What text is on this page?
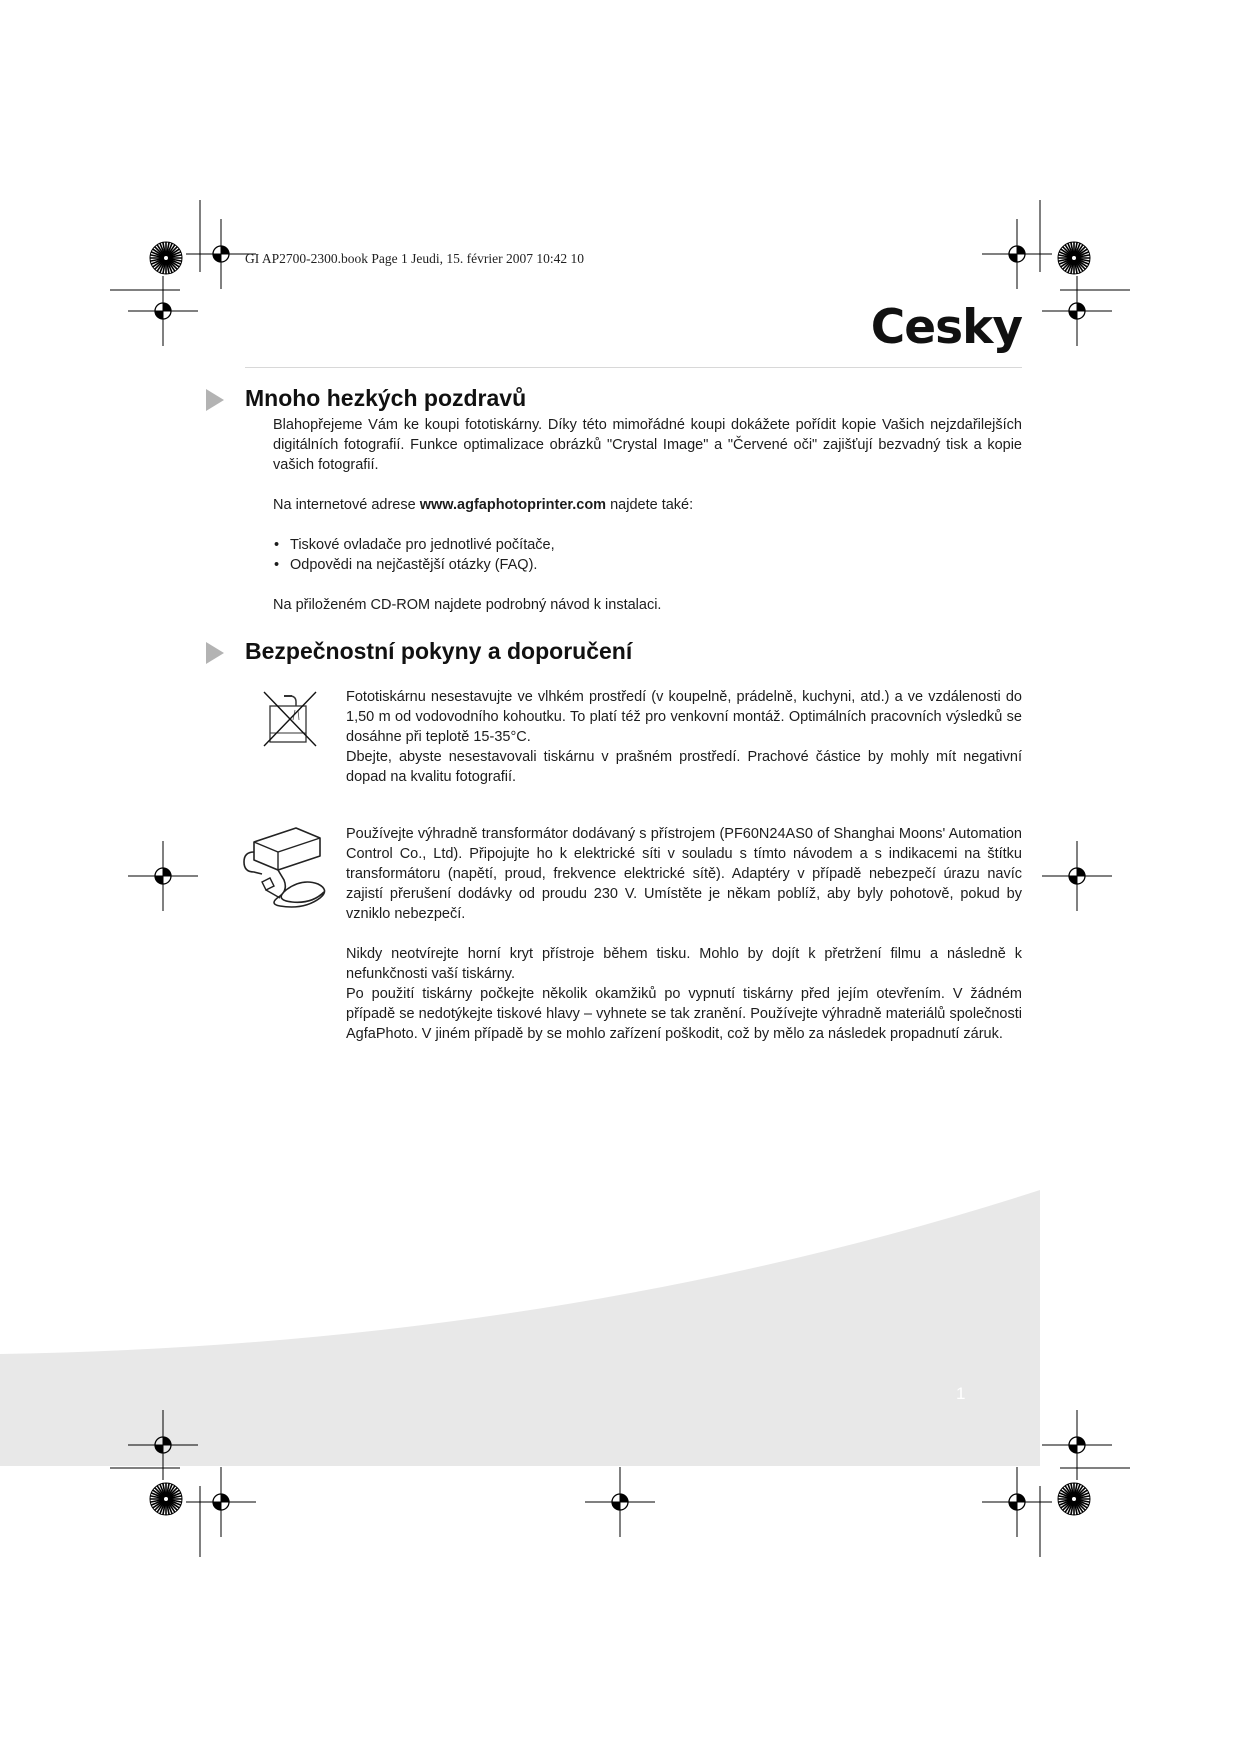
GI AP2700-2300.book Page 1 Jeudi, 15. février 2007 10:42 10
Cesky
Mnoho hezkých pozdravů

Blahopřejeme Vám ke koupi fototiskárny. Díky této mimořádné koupi dokážete pořídit kopie Vašich nejzdařilejších digitálních fotografií. Funkce optimalizace obrázků "Crystal Image" a "Červené oči" zajišťují bezvadný tisk a kopie vašich fotografií.

Na internetové adrese www.agfaphotoprinter.com najdete také:

• Tiskové ovladače pro jednotlivé počítače,
• Odpovědi na nejčastější otázky (FAQ).

Na přiloženém CD-ROM najdete podrobný návod k instalaci.

Bezpečnostní pokyny a doporučení

Fototiskárnu nesestavujte ve vlhkém prostředí (v koupelně, prádelně, kuchyni, atd.) a ve vzdálenosti do 1,50 m od vodovodního kohoutku. To platí též pro venkovní montáž. Optimálních pracovních výsledků se dosáhne při teplotě 15-35°C.

Dbejte, abyste nesestavovali tiskárnu v prašném prostředí. Prachové částice by mohly mít negativní dopad na kvalitu fotografií.

Používejte výhradně transformátor dodávaný s přístrojem (PF60N24AS0 of Shanghai Moons' Automation Control Co., Ltd). Připojujte ho k elektrické síti v souladu s tímto návodem a s indikacemi na štítku transformátoru (napětí, proud, frekvence elektrické sítě). Adaptéry v případě nebezpečí úrazu navíc zajistí přerušení dodávky od proudu 230 V. Umístěte je někam poblíž, aby byly pohotově, pokud by vzniklo nebezpečí.

Nikdy neotvírejte horní kryt přístroje během tisku. Mohlo by dojít k přetržení filmu a následně k nefunkčnosti vaší tiskárny.

Po použití tiskárny počkejte několik okamžiků po vypnutí tiskárny před jejím otevřením. V žádném případě se nedotýkejte tiskové hlavy – vyhnete se tak zranění. Používejte výhradně materiálů společnosti AgfaPhoto. V jiném případě by se mohlo zařízení poškodit, což by mělo za následek propadnutí záruk.

1
